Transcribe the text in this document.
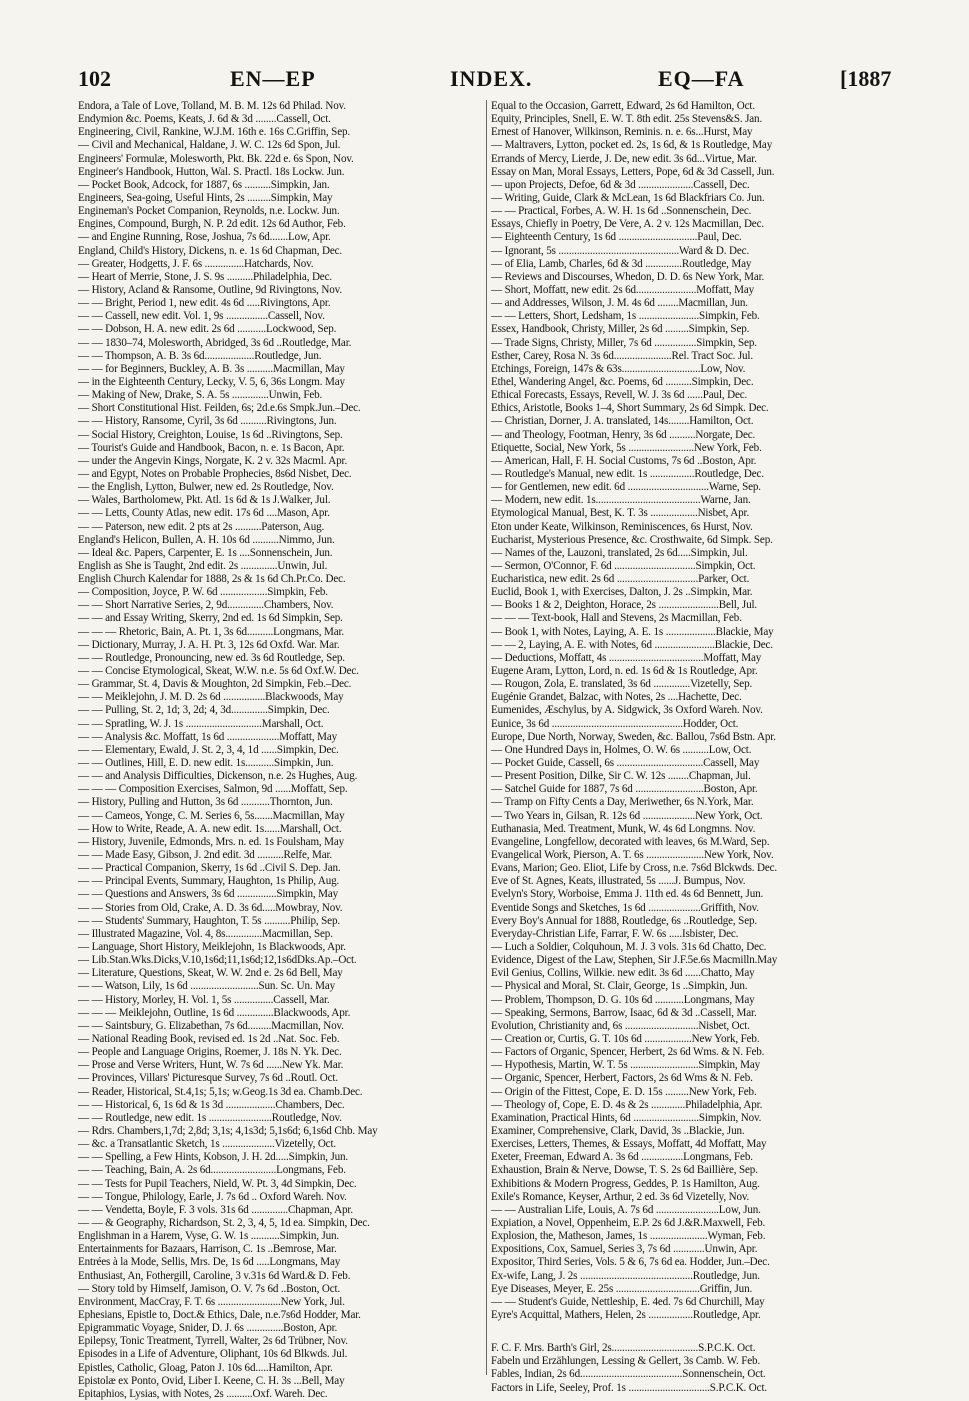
102	EN—EP	INDEX.	EQ—FA	[1887
Endora, a Tale of Love, Tolland, M. B. M. 12s 6d Philad. Nov.
Endymion &c. Poems, Keats, J. 6d & 3d ........Cassell, Oct.
Engineering, Civil, Rankine, W.J.M. 16th e. 16s C.Griffin, Sep.
— Civil and Mechanical, Haldane, J. W. C. 12s 6d Spon, Jul.
Engineers' Formulæ, Molesworth, Pkt. Bk. 22d e. 6s Spon, Nov.
Engineer's Handbook, Hutton, Wal. S. Practl. 18s Lockw. Jun.
— Pocket Book, Adcock, for 1887, 6s ..........Simpkin, Jan.
Engineers, Sea-going, Useful Hints, 2s .........Simpkin, May
Engineman's Pocket Companion, Reynolds, n.e. Lockw. Jun.
Engines, Compound, Burgh, N. P. 2d edit. 12s 6d Author, Feb.
— and Engine Running, Rose, Joshua, 7s 6d.......Low, Apr.
England, Child's History, Dickens, n. e. 1s 6d Chapman, Dec.
— Greater, Hodgetts, J. F. 6s ...............Hatchards, Nov.
— Heart of Merrie, Stone, J. S. 9s ..........Philadelphia, Dec.
— History, Acland & Ransome, Outline, 9d Rivingtons, Nov.
— — Bright, Period 1, new edit. 4s 6d .....Rivingtons, Apr.
— — Cassell, new edit. Vol. 1, 9s ................Cassell, Nov.
— — Dobson, H. A. new edit. 2s 6d ...........Lockwood, Sep.
— — 1830–74, Molesworth, Abridged, 3s 6d ..Routledge, Mar.
— — Thompson, A. B. 3s 6d...................Routledge, Jun.
— — for Beginners, Buckley, A. B. 3s ..........Macmillan, May
— in the Eighteenth Century, Lecky, V. 5, 6, 36s Longm. May
— Making of New, Drake, S. A. 5s ..............Unwin, Feb.
— Short Constitutional Hist. Feilden, 6s; 2d.e.6s Smpk.Jun.–Dec.
— — History, Ransome, Cyril, 3s 6d ..........Rivingtons, Jun.
— Social History, Creighton, Louise, 1s 6d ..Rivingtons, Sep.
— Tourist's Guide and Handbook, Bacon, n. e. 1s Bacon, Apr.
— under the Angevin Kings, Norgate, K. 2 v. 32s Macml. Apr.
— and Egypt, Notes on Probable Prophecies, 8s6d Nisbet, Dec.
— the English, Lytton, Bulwer, new ed. 2s Routledge, Nov.
— Wales, Bartholomew, Pkt. Atl. 1s 6d & 1s J.Walker, Jul.
— — Letts, County Atlas, new edit. 17s 6d ....Mason, Apr.
— — Paterson, new edit. 2 pts at 2s ..........Paterson, Aug.
England's Helicon, Bullen, A. H. 10s 6d ..........Nimmo, Jun.
— Ideal &c. Papers, Carpenter, E. 1s ....Sonnenschein, Jun.
English as She is Taught, 2nd edit. 2s ..............Unwin, Jul.
English Church Kalendar for 1888, 2s & 1s 6d Ch.Pr.Co. Dec.
— Composition, Joyce, P. W. 6d ..................Simpkin, Feb.
— — Short Narrative Series, 2, 9d..............Chambers, Nov.
— — and Essay Writing, Skerry, 2nd ed. 1s 6d Simpkin, Sep.
— — — Rhetoric, Bain, A. Pt. 1, 3s 6d..........Longmans, Mar.
— Dictionary, Murray, J. A. H. Pt. 3, 12s 6d Oxfd. War. Mar.
— — Routledge, Pronouncing, new ed. 3s 6d Routledge, Sep.
— — Concise Etymological, Skeat, W.W. n.e. 5s 6d Oxf.W. Dec.
— Grammar, St. 4, Davis & Moughton, 2d Simpkin, Feb.–Dec.
— — Meiklejohn, J. M. D. 2s 6d ................Blackwoods, May
— — Pulling, St. 2, 1d; 3, 2d; 4, 3d..............Simpkin, Dec.
— — Spratling, W. J. 1s .............................Marshall, Oct.
— — Analysis &c. Moffatt, 1s 6d ....................Moffatt, May
— — Elementary, Ewald, J. St. 2, 3, 4, 1d ......Simpkin, Dec.
— — Outlines, Hill, E. D. new edit. 1s...........Simpkin, Jun.
— — and Analysis Difficulties, Dickenson, n.e. 2s Hughes, Aug.
— — — Composition Exercises, Salmon, 9d ......Moffatt, Sep.
— History, Pulling and Hutton, 3s 6d ...........Thornton, Jun.
— — Cameos, Yonge, C. M. Series 6, 5s.......Macmillan, May
— How to Write, Reade, A. A. new edit. 1s......Marshall, Oct.
— History, Juvenile, Edmonds, Mrs. n. ed. 1s Foulsham, May
— — Made Easy, Gibson, J. 2nd edit. 3d ..........Relfe, Mar.
— — Practical Companion, Skerry, 1s 6d ..Civil S. Dep. Jan.
— — Principal Events, Summary, Haughton, 1s Philip, Aug.
— — Questions and Answers, 3s 6d ...............Simpkin, May
— — Stories from Old, Crake, A. D. 3s 6d.....Mowbray, Nov.
— — Students' Summary, Haughton, T. 5s ..........Philip, Sep.
— Illustrated Magazine, Vol. 4, 8s..............Macmillan, Sep.
— Language, Short History, Meiklejohn, 1s Blackwoods, Apr.
— Lib.Stan.Wks.Dicks,V.10,1s6d;11,1s6d;12,1s6dDks.Ap.–Oct.
— Literature, Questions, Skeat, W. W. 2nd e. 2s 6d Bell, May
— — Watson, Lily, 1s 6d ..........................Sun. Sc. Un. May
— — History, Morley, H. Vol. 1, 5s ...............Cassell, Mar.
— — — Meiklejohn, Outline, 1s 6d ..............Blackwoods, Apr.
— — Saintsbury, G. Elizabethan, 7s 6d.........Macmillan, Nov.
— National Reading Book, revised ed. 1s 2d ..Nat. Soc. Feb.
— People and Language Origins, Roemer, J. 18s N. Yk. Dec.
— Prose and Verse Writers, Hunt, W. 7s 6d ......New Yk. Mar.
— Provinces, Villars' Picturesque Survey, 7s 6d ..Routl. Oct.
— Reader, Historical, St.4,1s; 5,1s; w.Geog.1s 3d ea. Chamb.Dec.
— — Historical, 6, 1s 6d & 1s 3d ...................Chambers, Dec.
— — Routledge, new edit. 1s ........................Routledge, Nov.
— Rdrs. Chambers,1,7d; 2,8d; 3,1s; 4,1s3d; 5,1s6d; 6,1s6d Chb. May
— &c. a Transatlantic Sketch, 1s ....................Vizetelly, Oct.
— — Spelling, a Few Hints, Kobson, J. H. 2d.....Simpkin, Jun.
— — Teaching, Bain, A. 2s 6d.........................Longmans, Feb.
— — Tests for Pupil Teachers, Nield, W. Pt. 3, 4d Simpkin, Dec.
— — Tongue, Philology, Earle, J. 7s 6d .. Oxford Wareh. Nov.
— — Vendetta, Boyle, F. 3 vols. 31s 6d ..............Chapman, Apr.
— — & Geography, Richardson, St. 2, 3, 4, 5, 1d ea. Simpkin, Dec.
Englishman in a Harem, Vyse, G. W. 1s ...........Simpkin, Jun.
Entertainments for Bazaars, Harrison, C. 1s ..Bemrose, Mar.
Entrées à la Mode, Sellis, Mrs. De, 1s 6d .....Longmans, May
Enthusiast, An, Fothergill, Caroline, 3 v.31s 6d Ward.& D. Feb.
— Story told by Himself, Jamison, O. V. 7s 6d ..Boston, Oct.
Environment, MacCray, F. T. 6s ........................New York, Jul.
Ephesians, Epistle to, Doct.& Ethics, Dale, n.e.7s6d Hodder, Mar.
Epigrammatic Voyage, Snider, D. J. 6s ..............Boston, Apr.
Epilepsy, Tonic Treatment, Tyrrell, Walter, 2s 6d Trübner, Nov.
Episodes in a Life of Adventure, Oliphant, 10s 6d Blkwds. Jul.
Epistles, Catholic, Gloag, Paton J. 10s 6d.....Hamilton, Apr.
Epistolæ ex Ponto, Ovid, Liber I. Keene, C. H. 3s ...Bell, May
Epitaphios, Lysias, with Notes, 2s ..........Oxf. Wareh. Dec.
Equal to the Occasion, Garrett, Edward, 2s 6d Hamilton, Oct.
Equity, Principles, Snell, E. W. T. 8th edit. 25s Stevens&S. Jan.
Ernest of Hanover, Wilkinson, Reminis. n. e. 6s...Hurst, May
— Maltravers, Lytton, pocket ed. 2s, 1s 6d, & 1s Routledge, May
Errands of Mercy, Lierde, J. De, new edit. 3s 6d...Virtue, Mar.
Essay on Man, Moral Essays, Letters, Pope, 6d & 3d Cassell, Jun.
— upon Projects, Defoe, 6d & 3d .....................Cassell, Dec.
— Writing, Guide, Clark & McLean, 1s 6d Blackfriars Co. Jun.
— — Practical, Forbes, A. W. H. 1s 6d ..Sonnenschein, Dec.
Essays, Chiefly in Poetry, De Vere, A. 2 v. 12s Macmillan, Dec.
— Eighteenth Century, 1s 6d ..............................Paul, Dec.
— Ignorant, 5s ..............................................Ward & D. Dec.
— of Elia, Lamb, Charles, 6d & 3d ..............Routledge, May
— Reviews and Discourses, Whedon, D. D. 6s New York, Mar.
— Short, Moffatt, new edit. 2s 6d.......................Moffatt, May
— and Addresses, Wilson, J. M. 4s 6d ........Macmillan, Jun.
— — Letters, Short, Ledsham, 1s .......................Simpkin, Feb.
Essex, Handbook, Christy, Miller, 2s 6d .........Simpkin, Sep.
— Trade Signs, Christy, Miller, 7s 6d ................Simpkin, Sep.
Esther, Carey, Rosa N. 3s 6d......................Rel. Tract Soc. Jul.
Etchings, Foreign, 147s & 63s..............................Low, Nov.
Ethel, Wandering Angel, &c. Poems, 6d ..........Simpkin, Dec.
Ethical Forecasts, Essays, Revell, W. J. 3s 6d ......Paul, Dec.
Ethics, Aristotle, Books 1–4, Short Summary, 2s 6d Simpk. Dec.
— Christian, Dorner, J. A. translated, 14s........Hamilton, Oct.
— and Theology, Footman, Henry, 3s 6d ..........Norgate, Dec.
Etiquette, Social, New York, 5s .........................New York, Feb.
— American, Hall, F. H. Social Customs, 7s 6d ..Boston, Apr.
— Routledge's Manual, new edit. 1s .................Routledge, Dec.
— for Gentlemen, new edit. 6d ...............................Warne, Sep.
— Modern, new edit. 1s........................................Warne, Jan.
Etymological Manual, Best, K. T. 3s ..................Nisbet, Apr.
Eton under Keate, Wilkinson, Reminiscences, 6s Hurst, Nov.
Eucharist, Mysterious Presence, &c. Crosthwaite, 6d Simpk. Sep.
— Names of the, Lauzoni, translated, 2s 6d.....Simpkin, Jul.
— Sermon, O'Connor, F. 6d ...............................Simpkin, Oct.
Eucharistica, new edit. 2s 6d ...............................Parker, Oct.
Euclid, Book 1, with Exercises, Dalton, J. 2s ..Simpkin, Mar.
— Books 1 & 2, Deighton, Horace, 2s .......................Bell, Jul.
— — — Text-book, Hall and Stevens, 2s Macmillan, Feb.
— Book 1, with Notes, Laying, A. E. 1s ...................Blackie, May
— — 2, Laying, A. E. with Notes, 6d .......................Blackie, Dec.
— Deductions, Moffatt, 4s ....................................Moffatt, May
Eugene Aram, Lytton, Lord, n. ed. 1s 6d & 1s Routledge, Apr.
— Rougon, Zola, E. translated, 3s 6d ..............Vizetelly, Sep.
Eugénie Grandet, Balzac, with Notes, 2s ....Hachette, Dec.
Eumenides, Æschylus, by A. Sidgwick, 3s Oxford Wareh. Nov.
Eunice, 3s 6d ..................................................Hodder, Oct.
Europe, Due North, Norway, Sweden, &c. Ballou, 7s6d Bstn. Apr.
— One Hundred Days in, Holmes, O. W. 6s ..........Low, Oct.
— Pocket Guide, Cassell, 6s .................................Cassell, May
— Present Position, Dilke, Sir C. W. 12s ........Chapman, Jul.
— Satchel Guide for 1887, 7s 6d ..........................Boston, Apr.
— Tramp on Fifty Cents a Day, Meriwether, 6s N.York, Mar.
— Two Years in, Gilsan, R. 12s 6d ....................New York, Oct.
Euthanasia, Med. Treatment, Munk, W. 4s 6d Longmns. Nov.
Evangeline, Longfellow, decorated with leaves, 6s M.Ward, Sep.
Evangelical Work, Pierson, A. T. 6s ......................New York, Nov.
Evans, Marion; Geo. Eliot, Life by Cross, n.e. 7s6d Blckwds. Dec.
Eve of St. Agnes, Keats, illustrated, 5s ......J. Bumpus, Nov.
Evelyn's Story, Worboise, Emma J. 11th ed. 4s 6d Bennett, Jun.
Eventide Songs and Sketches, 1s 6d ....................Griffith, Nov.
Every Boy's Annual for 1888, Routledge, 6s ..Routledge, Sep.
Everyday-Christian Life, Farrar, F. W. 6s .....Isbister, Dec.
— Luch a Soldier, Colquhoun, M. J. 3 vols. 31s 6d Chatto, Dec.
Evidence, Digest of the Law, Stephen, Sir J.F.5e.6s Macmilln.May
Evil Genius, Collins, Wilkie. new edit. 3s 6d ......Chatto, May
— Physical and Moral, St. Clair, George, 1s ..Simpkin, Jun.
— Problem, Thompson, D. G. 10s 6d ...........Longmans, May
— Speaking, Sermons, Barrow, Isaac, 6d & 3d ..Cassell, Mar.
Evolution, Christianity and, 6s ............................Nisbet, Oct.
— Creation or, Curtis, G. T. 10s 6d ..................New York, Feb.
— Factors of Organic, Spencer, Herbert, 2s 6d Wms. & N. Feb.
— Hypothesis, Martin, W. T. 5s ..........................Simpkin, May
— Organic, Spencer, Herbert, Factors, 2s 6d Wms & N. Feb.
— Origin of the Fittest, Cope, E. D. 15s .........New York, Feb.
— Theology of, Cope, E. D. 4s & 2s .............Philadelphia, Apr.
Examination, Practical Hints, 6d .........................Simpkin, Nov.
Examiner, Comprehensive, Clark, David, 3s ..Blackie, Jun.
Exercises, Letters, Themes, & Essays, Moffatt, 4d Moffatt, May
Exeter, Freeman, Edward A. 3s 6d ................Longmans, Feb.
Exhaustion, Brain & Nerve, Dowse, T. S. 2s 6d Baillière, Sep.
Exhibitions & Modern Progress, Geddes, P. 1s Hamilton, Aug.
Exile's Romance, Keyser, Arthur, 2 ed. 3s 6d Vizetelly, Nov.
— — Australian Life, Louis, A. 7s 6d ........................Low, Jun.
Expiation, a Novel, Oppenheim, E.P. 2s 6d J.&R.Maxwell, Feb.
Explosion, the, Matheson, James, 1s ......................Wyman, Feb.
Expositions, Cox, Samuel, Series 3, 7s 6d ............Unwin, Apr.
Expositor, Third Series, Vols. 5 & 6, 7s 6d ea. Hodder, Jun.–Dec.
Ex-wife, Lang, J. 2s ...........................................Routledge, Jun.
Eye Diseases, Meyer, E. 25s ................................Griffin, Jun.
— — Student's Guide, Nettleship, E. 4ed. 7s 6d Churchill, May
Eyre's Acquittal, Mathers, Helen, 2s .................Routledge, Apr.
F. C. F. Mrs. Barth's Girl, 2s.................................S.P.C.K. Oct.
Fabeln und Erzählungen, Lessing & Gellert, 3s Camb. W. Feb.
Fables, Indian, 2s 6d.......................................Sonnenschein, Oct.
Factors in Life, Seeley, Prof. 1s ...............................S.P.C.K. Oct.
